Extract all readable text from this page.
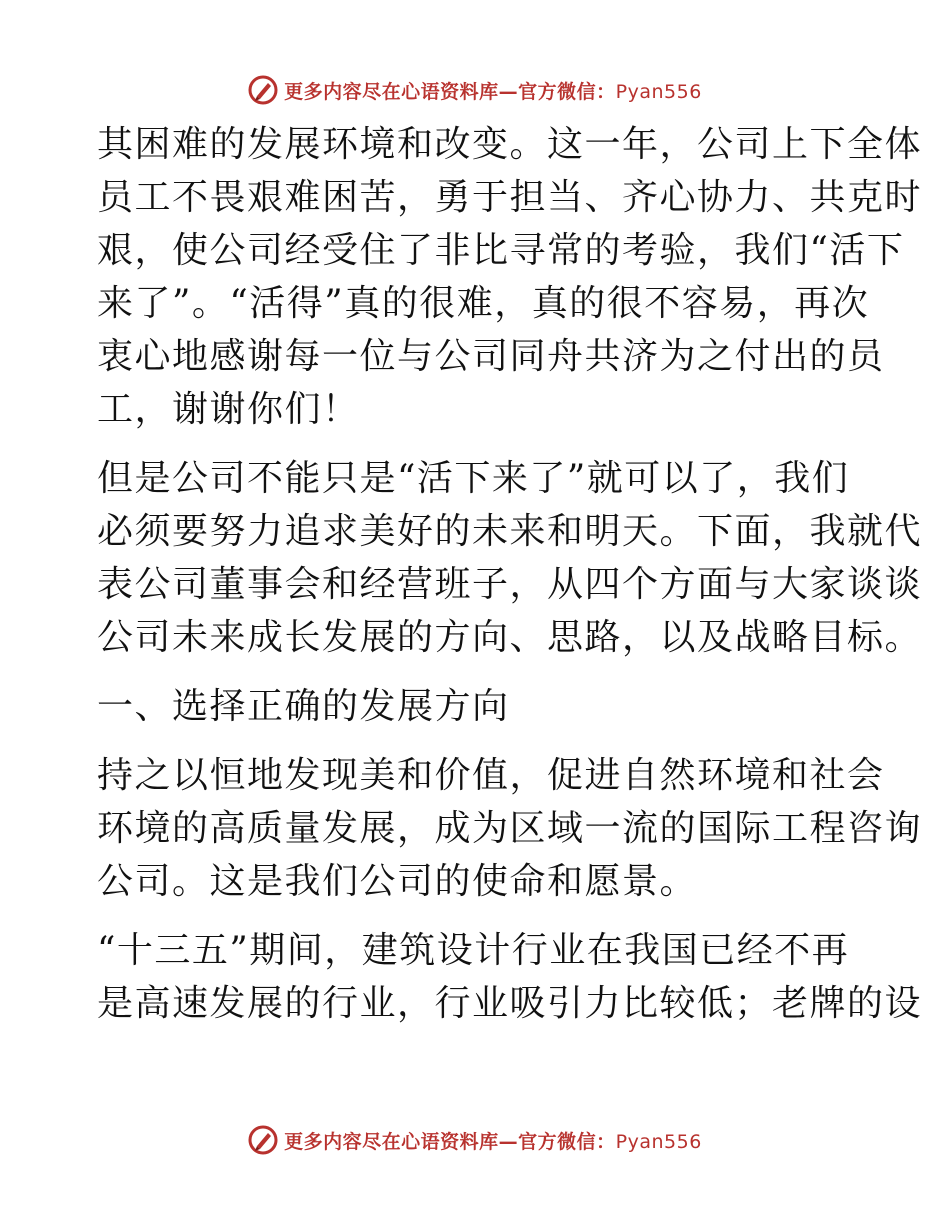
更多内容尽在心语资料库—官方微信：Pyan556

其困难的发展环境和改变。这一年，公司上下全体
员工不畏艰难困苦，勇于担当、齐心协力、共克时
艰，使公司经受住了非比寻常的考验，我们“活下
来了”。“活得”真的很难，真的很不容易，再次
衷心地感谢每一位与公司同舟共济为之付出的员
工，谢谢你们！

但是公司不能只是“活下来了”就可以了，我们
必须要努力追求美好的未来和明天。下面，我就代
表公司董事会和经营班子，从四个方面与大家谈谈
公司未来成长发展的方向、思路，以及战略目标。

一、选择正确的发展方向

持之以恒地发现美和价值，促进自然环境和社会
环境的高质量发展，成为区域一流的国际工程咨询
公司。这是我们公司的使命和愿景。

“十三五”期间，建筑设计行业在我国已经不再
是高速发展的行业，行业吸引力比较低；老牌的设

更多内容尽在心语资料库—官方微信：Pyan556
